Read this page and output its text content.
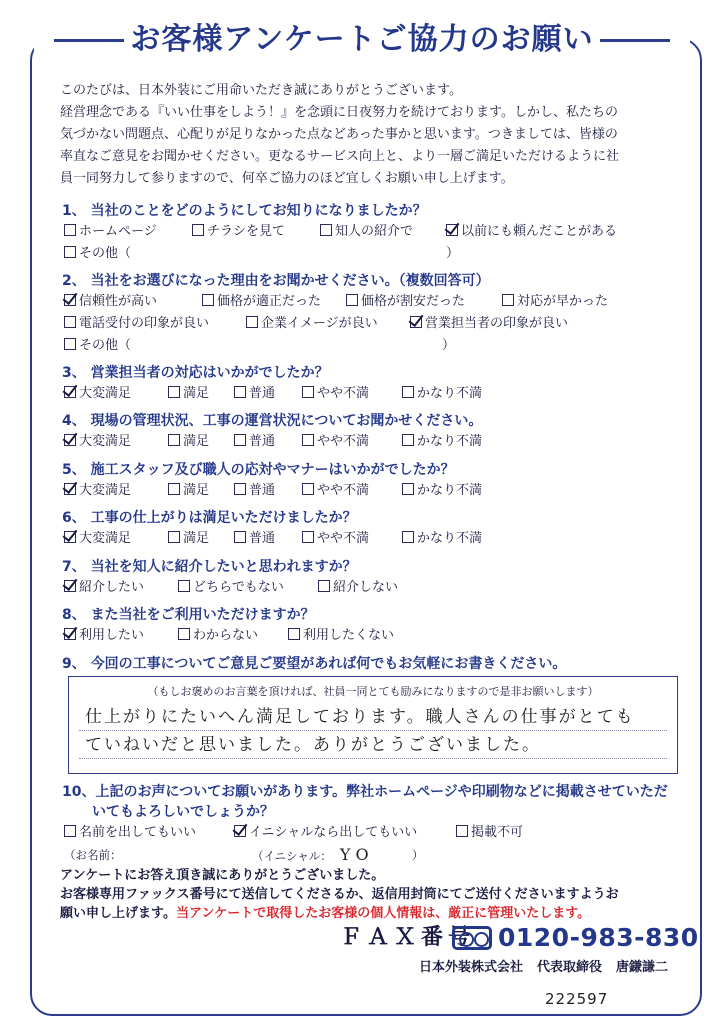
お客様アンケートご協力のお願い
このたびは、日本外装にご用命いただき誠にありがとうございます。
経営理念である『いい仕事をしよう！』を念頭に日夜努力を続けております。しかし、私たちの
気づかない問題点、心配りが足りなかった点などあった事かと思います。つきましては、皆様の
率直なご意見をお聞かせください。更なるサービス向上と、より一層ご満足いただけるように社
員一同努力して参りますので、何卒ご協力のほど宜しくお願い申し上げます。
1、 当社のことをどのようにしてお知りになりましたか？
ホームページ	チラシを見て	知人の紹介で	以前にも頼んだことがある
その他（	）
2、 当社をお選びになった理由をお聞かせください。（複数回答可）
信頼性が高い	価格が適正だった	価格が割安だった	対応が早かった
電話受付の印象が良い	企業イメージが良い	営業担当者の印象が良い
その他（	）
3、 営業担当者の対応はいかがでしたか？
大変満足	満足	普通	やや不満	かなり不満
4、 現場の管理状況、工事の運営状況についてお聞かせください。
大変満足	満足	普通	やや不満	かなり不満
5、 施工スタッフ及び職人の応対やマナーはいかがでしたか？
大変満足	満足	普通	やや不満	かなり不満
6、 工事の仕上がりは満足いただけましたか？
大変満足	満足	普通	やや不満	かなり不満
7、 当社を知人に紹介したいと思われますか？
紹介したい	どちらでもない	紹介しない
8、 また当社をご利用いただけますか？
利用したい	わからない	利用したくない
9、 今回の工事についてご意見ご要望があれば何でもお気軽にお書きください。
（もしお褒めのお言葉を頂ければ、社員一同とても励みになりますので是非お願いします）
仕上がりにたいへん満足しております。職人さんの仕事がとても
ていねいだと思いました。ありがとうございました。
10、上記のお声についてお願いがあります。弊社ホームページや印刷物などに掲載させていただ
いてもよろしいでしょうか？
名前を出してもいい	イニシャルなら出してもいい	掲載不可
（お名前：	（イニシャル： Y O	）
アンケートにお答え頂き誠にありがとうございました。
お客様専用ファックス番号にて送信してくださるか、返信用封筒にてご送付くださいますようお
願い申し上げます。当アンケートで取得したお客様の個人情報は、厳正に管理いたします。
ＦＡＸ番号 0120-983-830
日本外装株式会社 代表取締役 唐鎌謙二
222597
